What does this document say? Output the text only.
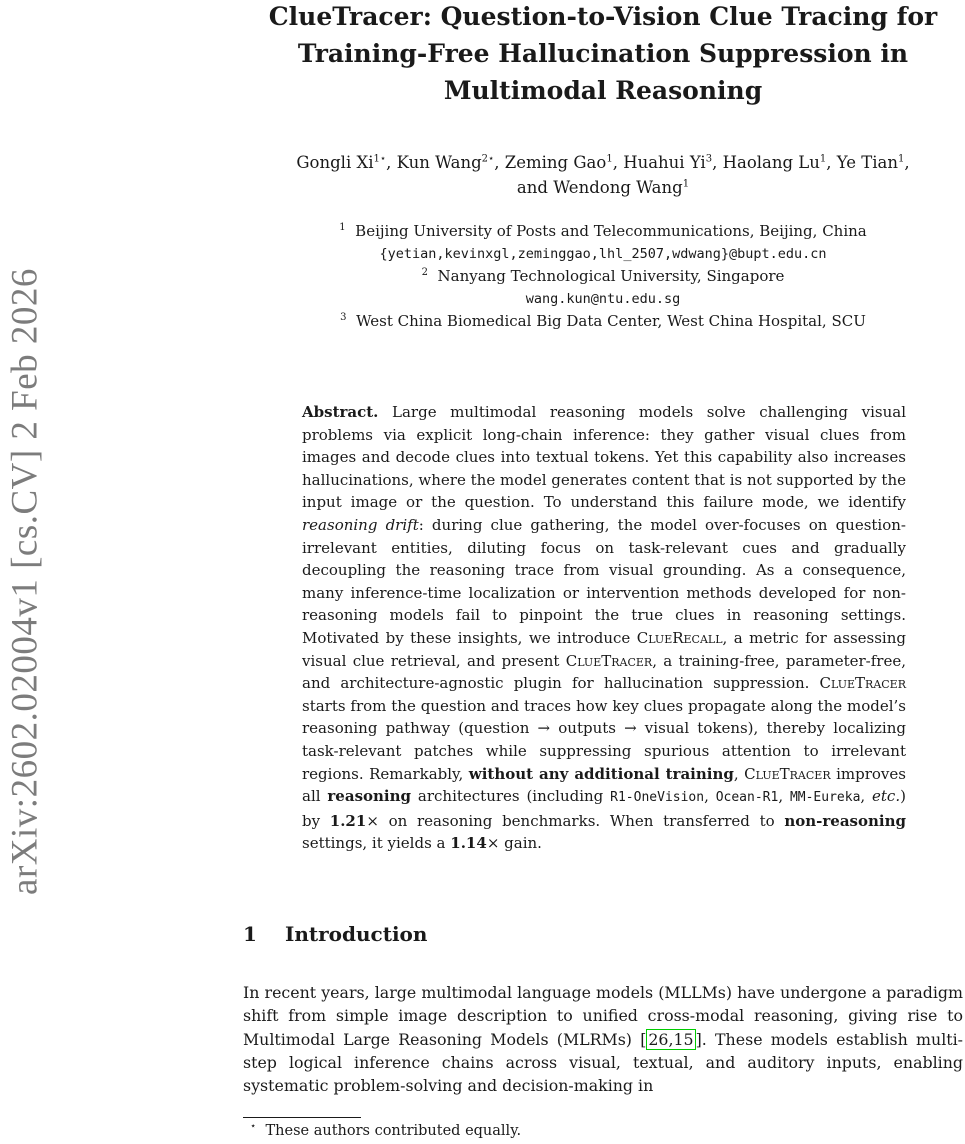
arXiv:2602.02004v1 [cs.CV] 2 Feb 2026
ClueTracer: Question-to-Vision Clue Tracing for Training-Free Hallucination Suppression in Multimodal Reasoning
Gongli $Xi^{1⋆}$, Kun Wang$^{2⋆}$, Zeming Gao$^1$, Huahui Yi$^3$, Haolang Lu$^1$, Ye Tian$^1$,
and Wendong Wang$^1$
$^1$ Beijing University of Posts and Telecommunications, Beijing, China
{yetian,kevinxgl,zeminggao,lhl_2507,wdwang}@bupt.edu.cn
$^2$ Nanyang Technological University, Singapore
wang.kun@ntu.edu.sg
$^3$ West China Biomedical Big Data Center, West China Hospital, SCU

Abstract. Large multimodal reasoning models solve challenging visual problems via explicit long-chain inference: they gather visual clues from images and decode clues into textual tokens. Yet this capability also increases hallucinations, where the model generates content that is not supported by the input image or the question. To understand this failure mode, we identify reasoning drift: during clue gathering, the model over-focuses on question-irrelevant entities, diluting focus on task-relevant cues and gradually decoupling the reasoning trace from visual grounding. As a consequence, many inference-time localization or intervention methods developed for non-reasoning models fail to pinpoint the true clues in reasoning settings. Motivated by these insights, we introduce ClueRecall, a metric for assessing visual clue retrieval, and present ClueTracer, a training-free, parameter-free, and architecture-agnostic plugin for hallucination suppression. ClueTracer starts from the question and traces how key clues propagate along the model’s reasoning pathway (question → outputs → visual tokens), thereby localizing task-relevant patches while suppressing spurious attention to irrelevant regions. Remarkably, without any additional training, ClueTracer improves all reasoning architectures (including R1-OneVision, Ocean-R1, MM-Eureka, etc.) by 1.21× on reasoning benchmarks. When transferred to non-reasoning settings, it yields a 1.14× gain.

1 Introduction

In recent years, large multimodal language models (MLLMs) have undergone a paradigm shift from simple image description to unified cross-modal reasoning, giving rise to Multimodal Large Reasoning Models (MLRMs) [ 26,15 ]. These models establish multi-step logical inference chains across visual, textual, and auditory inputs, enabling systematic problem-solving and decision-making in

⋆ These authors contributed equally.
